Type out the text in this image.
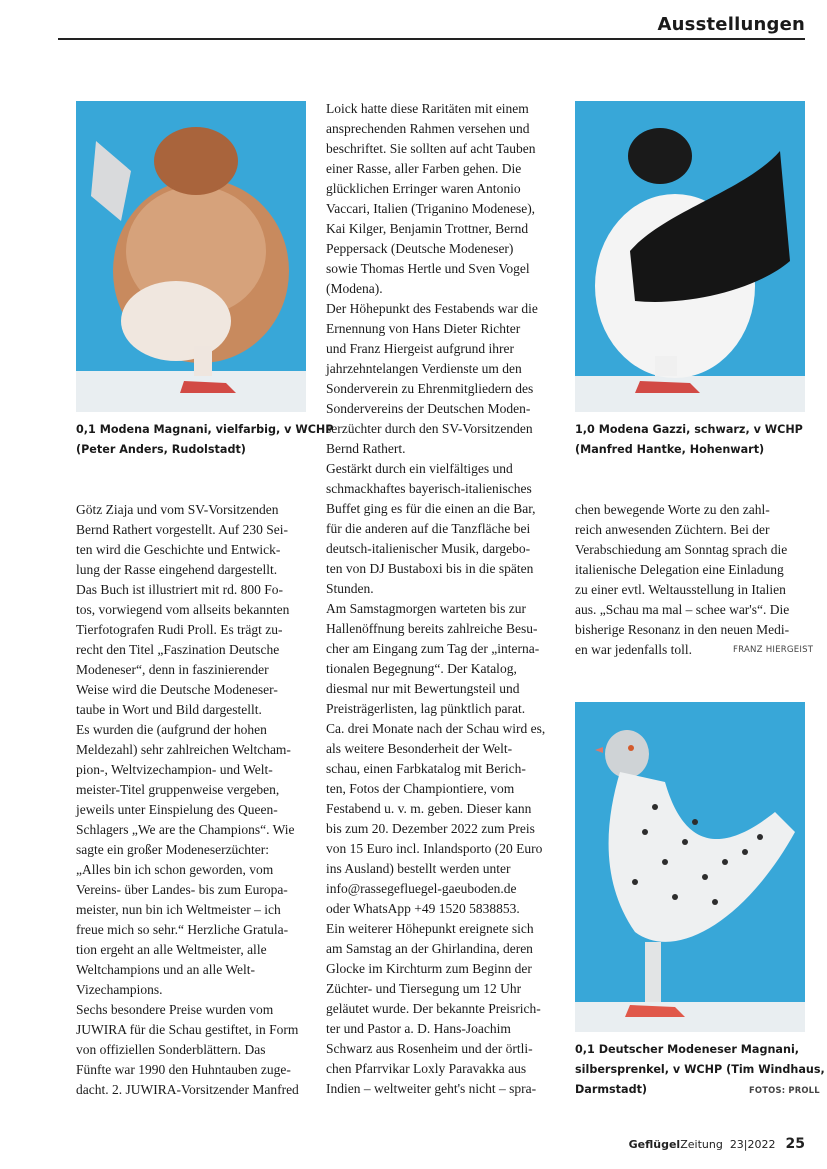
Ausstellungen
0,1 Modena Magnani, vielfarbig, v WCHP
(Peter Anders, Rudolstadt)
1,0 Modena Gazzi, schwarz, v WCHP
(Manfred Hantke, Hohenwart)
0,1 Deutscher Modeneser Magnani,
silbersprenkel, v WCHP (Tim Windhaus,
Darmstadt)	FOTOS: PROLL
Götz Ziaja und vom SV-Vorsitzenden
Bernd Rathert vorgestellt. Auf 230 Sei-
ten wird die Geschichte und Entwick-
lung der Rasse eingehend dargestellt.
Das Buch ist illustriert mit rd. 800 Fo-
tos, vorwiegend vom allseits bekannten
Tierfotografen Rudi Proll. Es trägt zu-
recht den Titel „Faszination Deutsche
Modeneser“, denn in faszinierender
Weise wird die Deutsche Modeneser-
taube in Wort und Bild dargestellt.
Es wurden die (aufgrund der hohen
Meldezahl) sehr zahlreichen Weltcham-
pion-, Weltvizechampion- und Welt-
meister-Titel gruppenweise vergeben,
jeweils unter Einspielung des Queen-
Schlagers „We are the Champions“. Wie
sagte ein großer Modeneserzüchter:
„Alles bin ich schon geworden, vom
Vereins- über Landes- bis zum Europa-
meister, nun bin ich Weltmeister – ich
freue mich so sehr.“ Herzliche Gratula-
tion ergeht an alle Weltmeister, alle
Weltchampions und an alle Welt-
Vizechampions.
Sechs besondere Preise wurden vom
JUWIRA für die Schau gestiftet, in Form
von offiziellen Sonderblättern. Das
Fünfte war 1990 den Huhntauben zuge-
dacht. 2. JUWIRA-Vorsitzender Manfred
Loick hatte diese Raritäten mit einem
ansprechenden Rahmen versehen und
beschriftet. Sie sollten auf acht Tauben
einer Rasse, aller Farben gehen. Die
glücklichen Erringer waren Antonio
Vaccari, Italien (Triganino Modenese),
Kai Kilger, Benjamin Trottner, Bernd
Peppersack (Deutsche Modeneser)
sowie Thomas Hertle und Sven Vogel
(Modena).
Der Höhepunkt des Festabends war die
Ernennung von Hans Dieter Richter
und Franz Hiergeist aufgrund ihrer
jahrzehntelangen Verdienste um den
Sonderverein zu Ehrenmitgliedern des
Sondervereins der Deutschen Moden-
serzüchter durch den SV-Vorsitzenden
Bernd Rathert.
Gestärkt durch ein vielfältiges und
schmackhaftes bayerisch-italienisches
Buffet ging es für die einen an die Bar,
für die anderen auf die Tanzfläche bei
deutsch-italienischer Musik, dargebo-
ten von DJ Bustaboxi bis in die späten
Stunden.
Am Samstagmorgen warteten bis zur
Hallenöffnung bereits zahlreiche Besu-
cher am Eingang zum Tag der „interna-
tionalen Begegnung“. Der Katalog,
diesmal nur mit Bewertungsteil und
Preisträgerlisten, lag pünktlich parat.
Ca. drei Monate nach der Schau wird es,
als weitere Besonderheit der Welt-
schau, einen Farbkatalog mit Berich-
ten, Fotos der Championtiere, vom
Festabend u. v. m. geben. Dieser kann
bis zum 20. Dezember 2022 zum Preis
von 15 Euro incl. Inlandsporto (20 Euro
ins Ausland) bestellt werden unter
info@rassegefluegel-gaeuboden.de
oder WhatsApp +49 1520 5838853.
Ein weiterer Höhepunkt ereignete sich
am Samstag an der Ghirlandina, deren
Glocke im Kirchturm zum Beginn der
Züchter- und Tiersegung um 12 Uhr
geläutet wurde. Der bekannte Preisrich-
ter und Pastor a. D. Hans-Joachim
Schwarz aus Rosenheim und der örtli-
chen Pfarrvikar Loxly Paravakka aus
Indien – weltweiter geht's nicht – spra-
chen bewegende Worte zu den zahl-
reich anwesenden Züchtern. Bei der
Verabschiedung am Sonntag sprach die
italienische Delegation eine Einladung
zu einer evtl. Weltausstellung in Italien
aus. „Schau ma mal – schee war's“. Die
bisherige Resonanz in den neuen Medi-
en war jedenfalls toll.	FRANZ HIERGEIST
GeflügelZeitung 23|2022 25
